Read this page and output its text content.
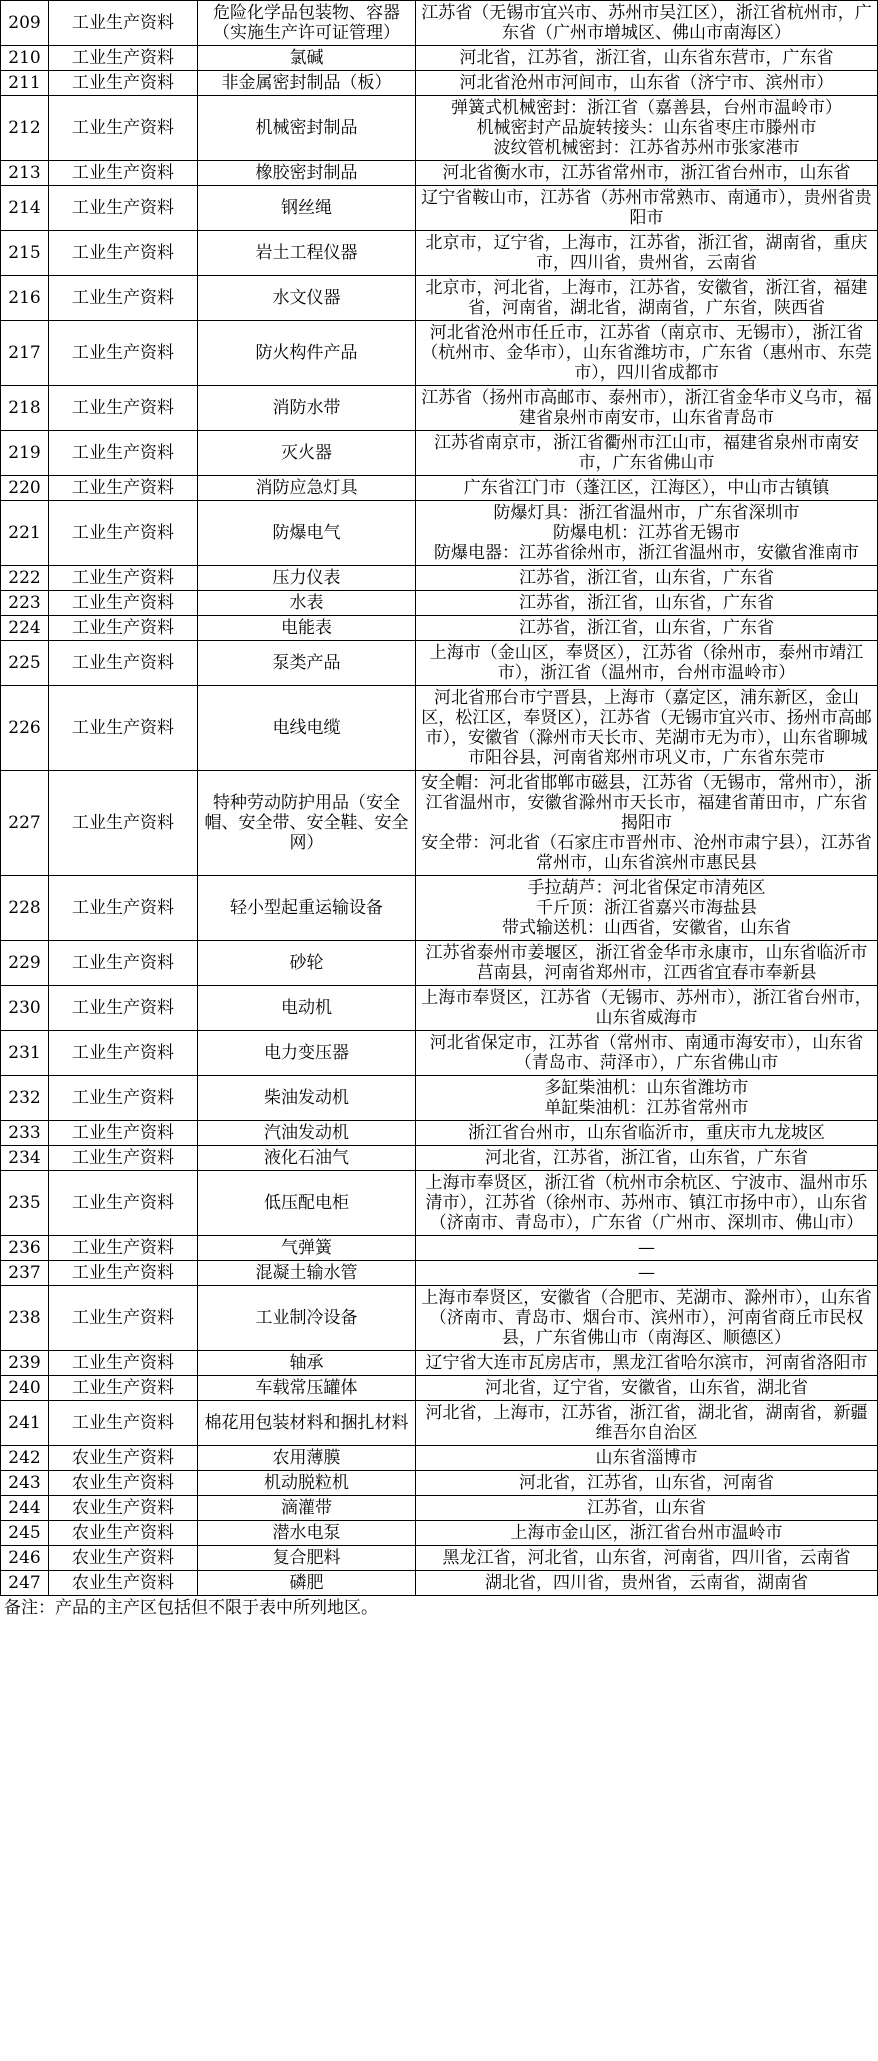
209	工业生产资料	危险化学品包装物、容器（实施生产许可证管理）	江苏省（无锡市宜兴市、苏州市吴江区），浙江省杭州市，广东省（广州市增城区、佛山市南海区）

210	工业生产资料	氯碱	河北省，江苏省，浙江省，山东省东营市，广东省

211	工业生产资料	非金属密封制品（板）	河北省沧州市河间市，山东省（济宁市、滨州市）

212	工业生产资料	机械密封制品	弹簧式机械密封：浙江省（嘉善县，台州市温岭市）
机械密封产品旋转接头：山东省枣庄市滕州市
波纹管机械密封：江苏省苏州市张家港市

213	工业生产资料	橡胶密封制品	河北省衡水市，江苏省常州市，浙江省台州市，山东省

214	工业生产资料	钢丝绳	辽宁省鞍山市，江苏省（苏州市常熟市、南通市），贵州省贵阳市

215	工业生产资料	岩土工程仪器	北京市，辽宁省，上海市，江苏省，浙江省，湖南省，重庆市，四川省，贵州省，云南省

216	工业生产资料	水文仪器	北京市，河北省，上海市，江苏省，安徽省，浙江省，福建省，河南省，湖北省，湖南省，广东省，陕西省

217	工业生产资料	防火构件产品	河北省沧州市任丘市，江苏省（南京市、无锡市），浙江省（杭州市、金华市），山东省潍坊市，广东省（惠州市、东莞市），四川省成都市

218	工业生产资料	消防水带	江苏省（扬州市高邮市、泰州市），浙江省金华市义乌市，福建省泉州市南安市，山东省青岛市

219	工业生产资料	灭火器	江苏省南京市，浙江省衢州市江山市，福建省泉州市南安市，广东省佛山市

220	工业生产资料	消防应急灯具	广东省江门市（蓬江区，江海区），中山市古镇镇

221	工业生产资料	防爆电气	防爆灯具：浙江省温州市，广东省深圳市
防爆电机：江苏省无锡市
防爆电器：江苏省徐州市，浙江省温州市，安徽省淮南市

222	工业生产资料	压力仪表	江苏省，浙江省，山东省，广东省

223	工业生产资料	水表	江苏省，浙江省，山东省，广东省

224	工业生产资料	电能表	江苏省，浙江省，山东省，广东省

225	工业生产资料	泵类产品	上海市（金山区，奉贤区），江苏省（徐州市，泰州市靖江市），浙江省（温州市，台州市温岭市）

226	工业生产资料	电线电缆	河北省邢台市宁晋县，上海市（嘉定区，浦东新区，金山区，松江区，奉贤区），江苏省（无锡市宜兴市、扬州市高邮市），安徽省（滁州市天长市、芜湖市无为市），山东省聊城市阳谷县，河南省郑州市巩义市，广东省东莞市

227	工业生产资料	特种劳动防护用品（安全帽、安全带、安全鞋、安全网）	安全帽：河北省邯郸市磁县，江苏省（无锡市，常州市），浙江省温州市，安徽省滁州市天长市，福建省莆田市，广东省揭阳市
安全带：河北省（石家庄市晋州市、沧州市肃宁县），江苏省常州市，山东省滨州市惠民县

228	工业生产资料	轻小型起重运输设备	手拉葫芦：河北省保定市清苑区
千斤顶：浙江省嘉兴市海盐县
带式输送机：山西省，安徽省，山东省

229	工业生产资料	砂轮	江苏省泰州市姜堰区，浙江省金华市永康市，山东省临沂市莒南县，河南省郑州市，江西省宜春市奉新县

230	工业生产资料	电动机	上海市奉贤区，江苏省（无锡市、苏州市），浙江省台州市，山东省威海市

231	工业生产资料	电力变压器	河北省保定市，江苏省（常州市、南通市海安市），山东省（青岛市、菏泽市），广东省佛山市

232	工业生产资料	柴油发动机	多缸柴油机：山东省潍坊市
单缸柴油机：江苏省常州市

233	工业生产资料	汽油发动机	浙江省台州市，山东省临沂市，重庆市九龙坡区

234	工业生产资料	液化石油气	河北省，江苏省，浙江省，山东省，广东省

235	工业生产资料	低压配电柜	上海市奉贤区，浙江省（杭州市余杭区、宁波市、温州市乐清市），江苏省（徐州市、苏州市、镇江市扬中市），山东省（济南市、青岛市），广东省（广州市、深圳市、佛山市）

236	工业生产资料	气弹簧	—

237	工业生产资料	混凝土输水管	—

238	工业生产资料	工业制冷设备	上海市奉贤区，安徽省（合肥市、芜湖市、滁州市），山东省（济南市、青岛市、烟台市、滨州市），河南省商丘市民权县，广东省佛山市（南海区、顺德区）

239	工业生产资料	轴承	辽宁省大连市瓦房店市，黑龙江省哈尔滨市，河南省洛阳市

240	工业生产资料	车载常压罐体	河北省，辽宁省，安徽省，山东省，湖北省

241	工业生产资料	棉花用包装材料和捆扎材料	河北省，上海市，江苏省，浙江省，湖北省，湖南省，新疆维吾尔自治区

242	农业生产资料	农用薄膜	山东省淄博市

243	农业生产资料	机动脱粒机	河北省，江苏省，山东省，河南省

244	农业生产资料	滴灌带	江苏省，山东省

245	农业生产资料	潜水电泵	上海市金山区，浙江省台州市温岭市

246	农业生产资料	复合肥料	黑龙江省，河北省，山东省，河南省，四川省，云南省

247	农业生产资料	磷肥	湖北省，四川省，贵州省，云南省，湖南省
备注：产品的主产区包括但不限于表中所列地区。
